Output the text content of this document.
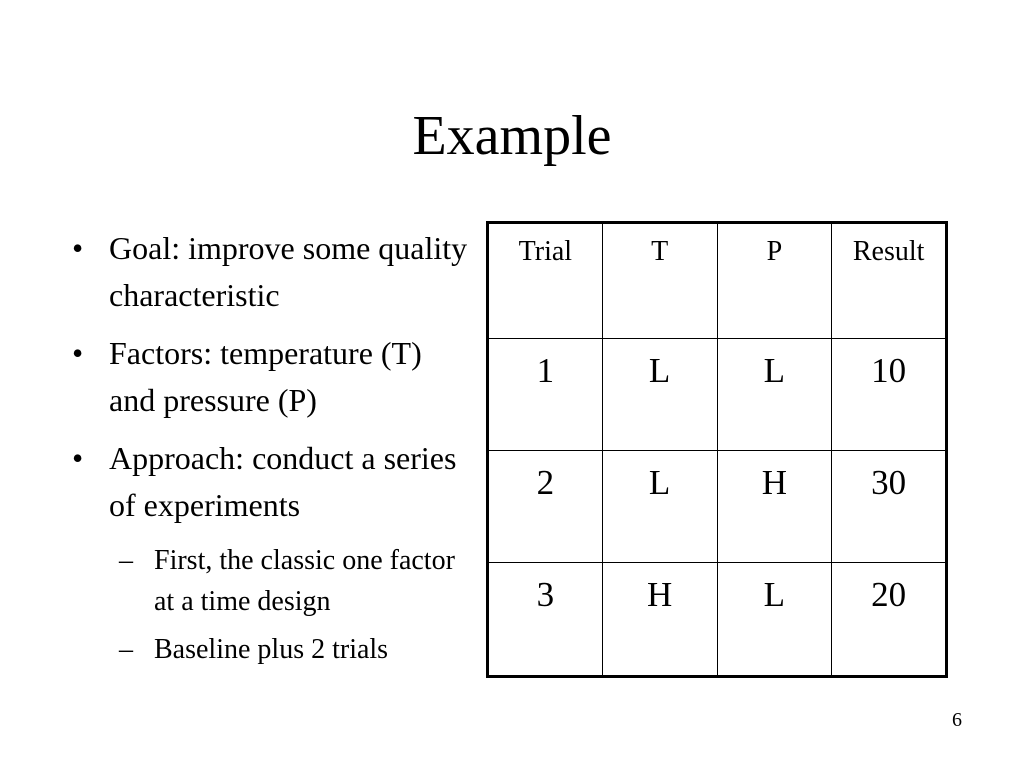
Example
• Goal: improve some quality characteristic
• Factors: temperature (T) and pressure (P)
• Approach: conduct a series of experiments
– First, the classic one factor at a time design
– Baseline plus 2 trials
Trial	T	P	Result
1	L	L	10
2	L	H	30
3	H	L	20
6
